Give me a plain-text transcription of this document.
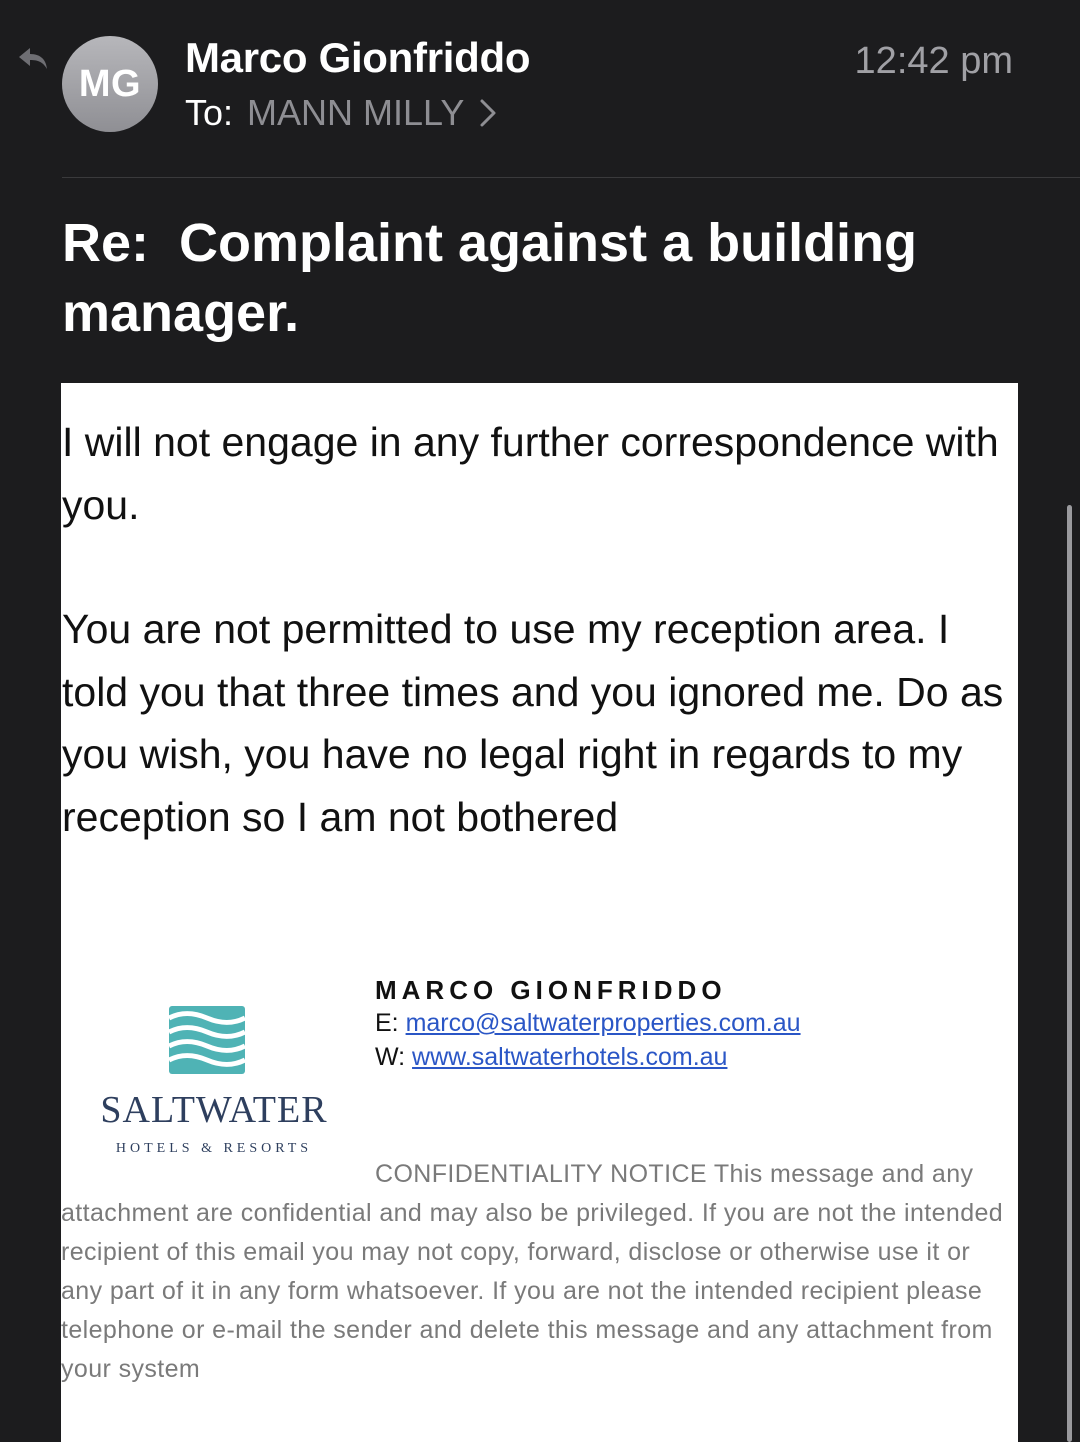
MG
Marco Gionfriddo
To: MANN MILLY
12:42 pm
Re:  Complaint against a building manager.
I will not engage in any further correspondence with you.
You are not permitted to use my reception area. I told you that three times and you ignored me. Do as you wish, you have no legal right in regards to my reception so I am not bothered
SALTWATER
HOTELS & RESORTS
MARCO GIONFRIDDO
E: marco@saltwaterproperties.com.au
W: www.saltwaterhotels.com.au
CONFIDENTIALITY NOTICE This message and any attachment are confidential and may also be privileged. If you are not the intended recipient of this email you may not copy, forward, disclose or otherwise use it or any part of it in any form whatsoever. If you are not the intended recipient please telephone or e-mail the sender and delete this message and any attachment from your system
